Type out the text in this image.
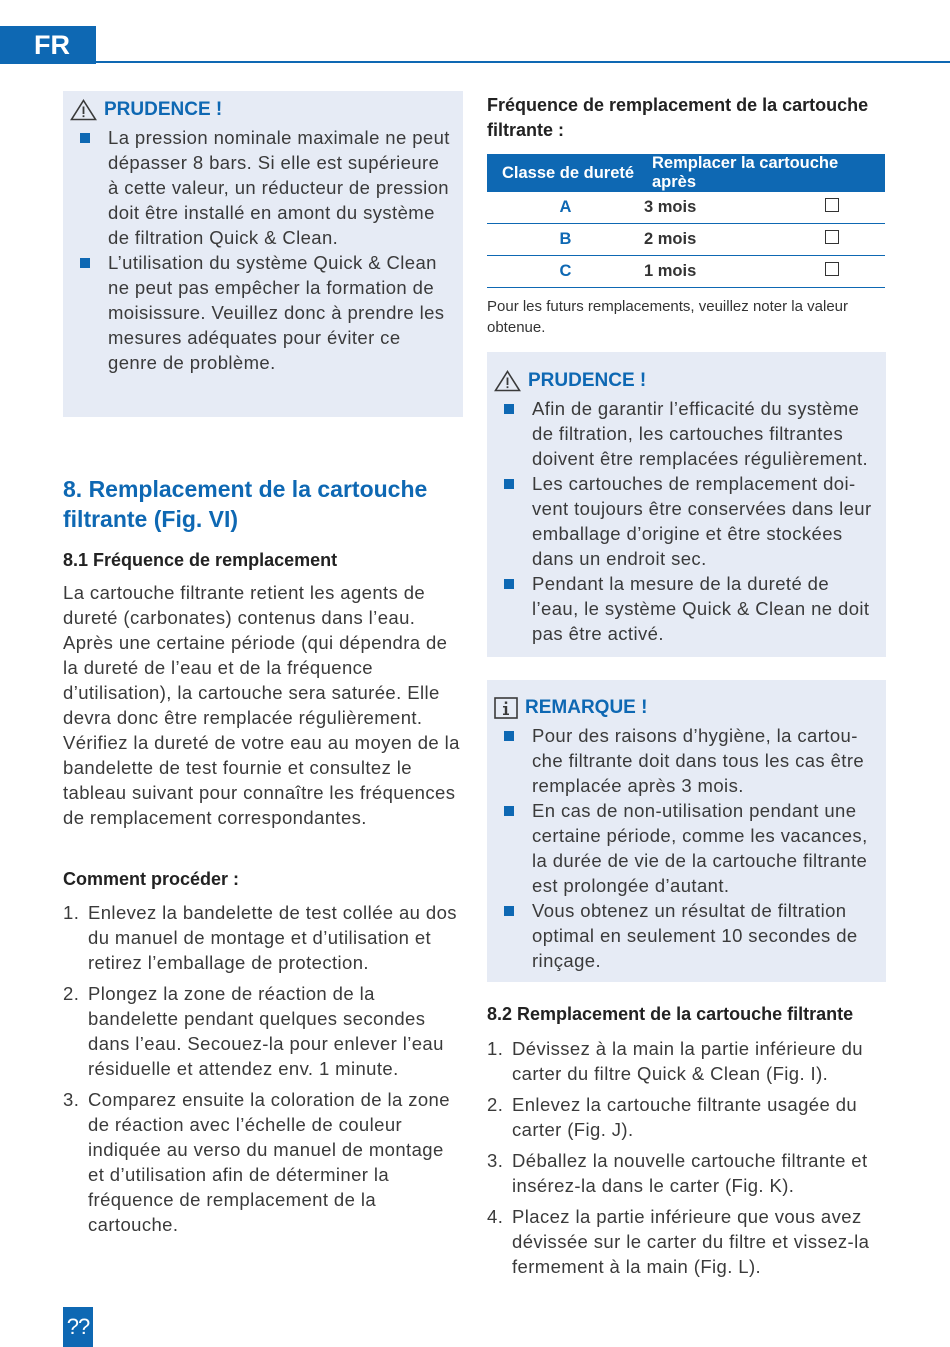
FR
PRUDENCE !
La pression nominale maximale ne peut dépasser 8 bars. Si elle est supérieure à cette valeur, un réducteur de pression doit être installé en amont du système de filtration Quick & Clean.
L’utilisation du système Quick & Clean ne peut pas empêcher la formation de moisissure. Veuillez donc à prendre les mesures adéquates pour éviter ce genre de problème.
8. Remplacement de la cartouche filtrante (Fig. VI)
8.1 Fréquence de remplacement
La cartouche filtrante retient les agents de dureté (carbonates) contenus dans l’eau. Après une certaine période (qui dépendra de la dureté de l’eau et de la fréquence d’utilisation), la cartouche sera saturée. Elle devra donc être remplacée régulièrement. Vérifiez la dureté de votre eau au moyen de la bandelette de test fournie et consultez le tableau suivant pour connaître les fréquences de remplacement correspondantes.
Comment procéder :
1. Enlevez la bandelette de test collée au dos du manuel de montage et d’utilisation et retirez l’emballage de protection.
2. Plongez la zone de réaction de la bandelette pendant quelques secondes dans l’eau. Secouez-la pour enlever l’eau résiduelle et attendez env. 1 minute.
3. Comparez ensuite la coloration de la zone de réaction avec l’échelle de couleur indiquée au verso du manuel de montage et d’utilisation afin de déterminer la fréquence de remplacement de la cartouche.
Fréquence de remplacement de la cartouche filtrante :
Classe de dureté	Remplacer la cartouche après	
A	3 mois	
B	2 mois	
C	1 mois	
Pour les futurs remplacements, veuillez noter la valeur obtenue.
PRUDENCE !
Afin de garantir l’efficacité du système de filtration, les cartouches filtrantes doivent être remplacées régulièrement.
Les cartouches de remplacement doivent toujours être conservées dans leur emballage d’origine et être stockées dans un endroit sec.
Pendant la mesure de la dureté de l’eau, le système Quick & Clean ne doit pas être activé.
REMARQUE !
Pour des raisons d’hygiène, la cartouche filtrante doit dans tous les cas être remplacée après 3 mois.
En cas de non-utilisation pendant une certaine période, comme les vacances, la durée de vie de la cartouche filtrante est prolongée d’autant.
Vous obtenez un résultat de filtration optimal en seulement 10 secondes de rinçage.
8.2 Remplacement de la cartouche filtrante
1. Dévissez à la main la partie inférieure du carter du filtre Quick & Clean (Fig. I).
2. Enlevez la cartouche filtrante usagée du carter (Fig. J).
3. Déballez la nouvelle cartouche filtrante et insérez-la dans le carter (Fig. K).
4. Placez la partie inférieure que vous avez dévissée sur le carter du filtre et vissez-la fermement à la main (Fig. L).
??
